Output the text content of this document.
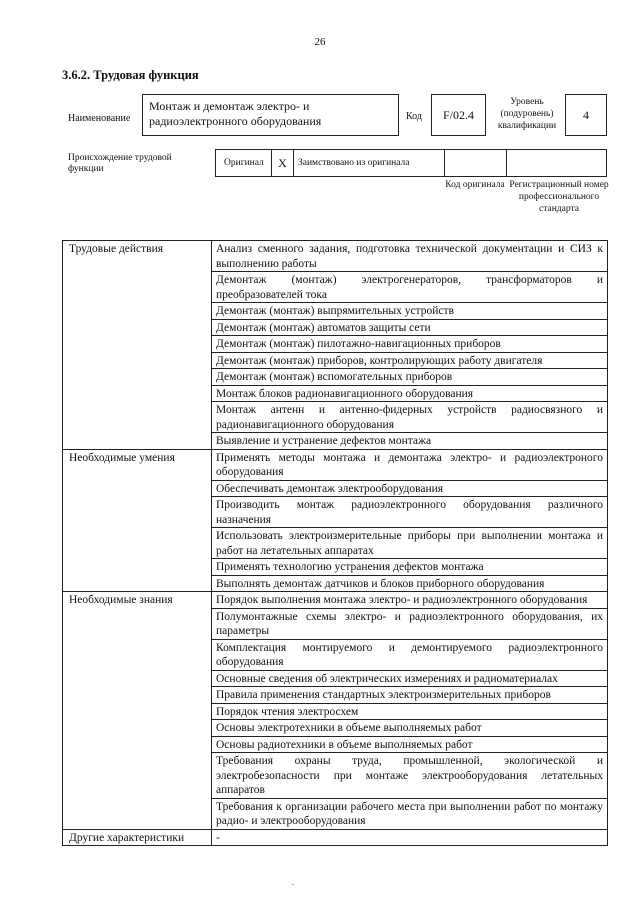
26
3.6.2. Трудовая функция
Наименование
Монтаж и демонтаж электро- и радиоэлектронного оборудования	Код	F/02.4
Уровень (подуровень) квалификации
4
Происхождение трудовой функции
Оригинал	X	Заимствовано из оригинала
Код оригинала Регистрационный номер профессионального стандарта
Трудовые действия	Анализ сменного задания, подготовка технической документации и СИЗ к выполнению работы
	Демонтаж (монтаж) электрогенераторов, трансформаторов и преобразователей тока
	Демонтаж (монтаж) выпрямительных устройств
	Демонтаж (монтаж) автоматов защиты сети
	Демонтаж (монтаж) пилотажно-навигационных приборов
	Демонтаж (монтаж) приборов, контролирующих работу двигателя
	Демонтаж (монтаж) вспомогательных приборов
	Монтаж блоков радионавигационного оборудования
	Монтаж антенн и антенно-фидерных устройств радиосвязного и радионавигационного оборудования
	Выявление и устранение дефектов монтажа
Необходимые умения	Применять методы монтажа и демонтажа электро- и радиоэлектроного оборудования
	Обеспечивать демонтаж электрооборудования
	Производить монтаж радиоэлектронного оборудования различного назначения
	Использовать электроизмерительные приборы при выполнении монтажа и работ на летательных аппаратах
	Применять технологию устранения дефектов монтажа
	Выполнять демонтаж датчиков и блоков приборного оборудования
Необходимые знания	Порядок выполнения монтажа электро- и радиоэлектронного оборудования
	Полумонтажные схемы электро- и радиоэлектронного оборудования, их параметры
	Комплектация монтируемого и демонтируемого радиоэлектронного оборудования
	Основные сведения об электрических измерениях и радиоматериалах
	Правила применения стандартных электроизмерительных приборов
	Порядок чтения электросхем
	Основы электротехники в объеме выполняемых работ
	Основы радиотехники в объеме выполняемых работ
	Требования охраны труда, промышленной, экологической и электробезопасности при монтаже электрооборудования летательных аппаратов
	Требования к организации рабочего места при выполнении работ по монтажу радио- и электрооборудования
Другие характеристики	-
.
